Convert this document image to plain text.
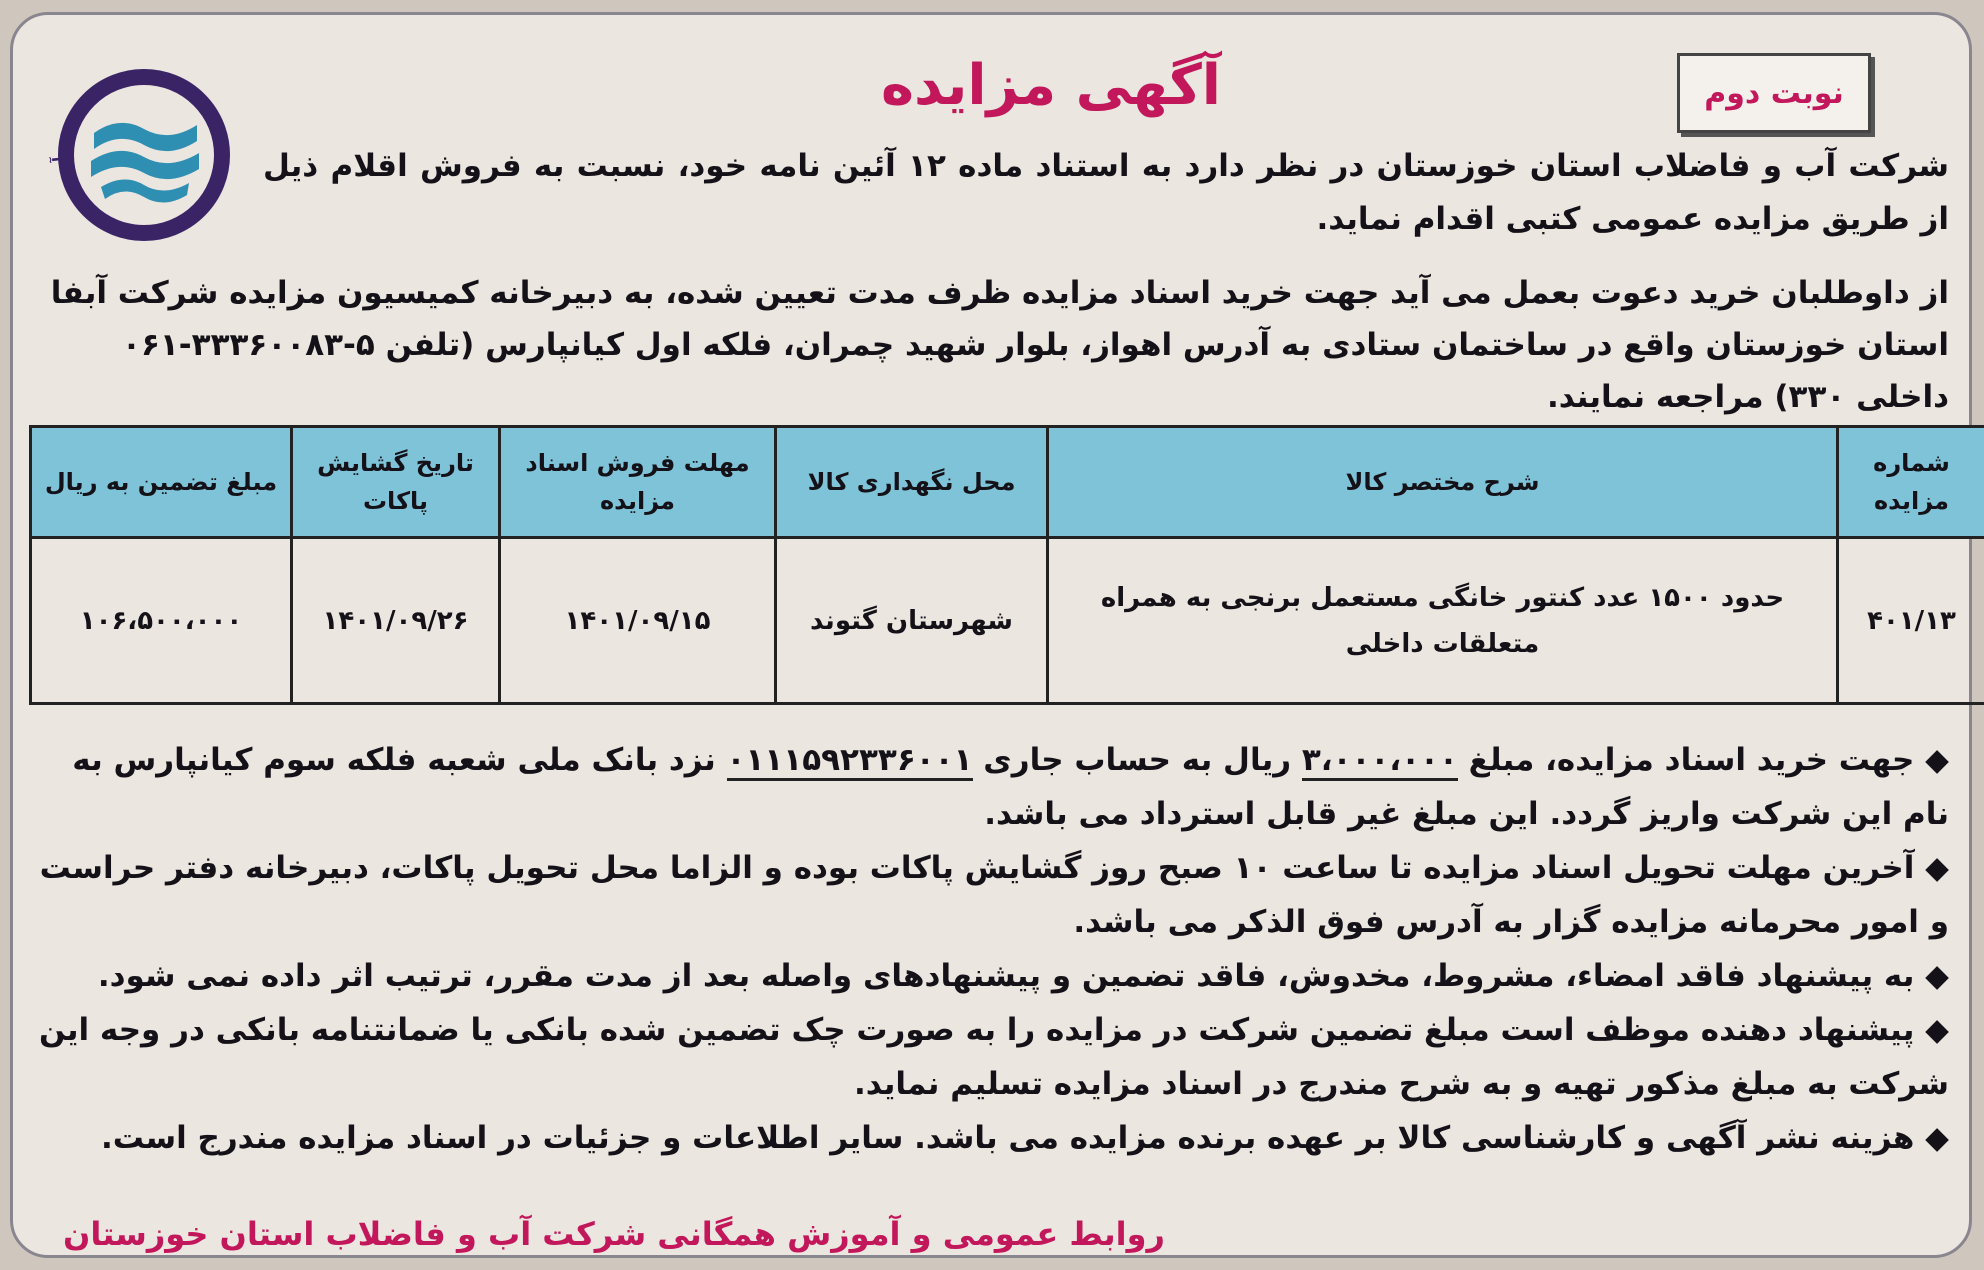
نوبت دوم
آگهی مزایده
آب	شرکت آب و فاضلاب استان خوزستان در نظر دارد به استناد ماده ۱۲ آئین نامه خود، نسبت به فروش اقلام ذیل از طریق مزایده عمومی کتبی اقدام نماید.

از داوطلبان خرید دعوت بعمل می آید جهت خرید اسناد مزایده ظرف مدت تعیین شده، به دبیرخانه کمیسیون مزایده شرکت آبفا استان خوزستان واقع در ساختمان ستادی به آدرس اهواز، بلوار شهید چمران، فلکه اول کیانپارس (تلفن ۵-۳۳۳۶۰۰۸۳-۰۶۱ داخلی ۳۳۰) مراجعه نمایند.

شماره مزایده	شرح مختصر کالا	محل نگهداری کالا	مهلت فروش اسناد مزایده	تاریخ گشایش پاکات	مبلغ تضمین به ریال
۴۰۱/۱۳	حدود ۱۵۰۰ عدد کنتور خانگی مستعمل برنجی به همراه متعلقات داخلی	شهرستان گتوند	۱۴۰۱/۰۹/۱۵	۱۴۰۱/۰۹/۲۶	۱۰۶،۵۰۰،۰۰۰

◆ جهت خرید اسناد مزایده، مبلغ ۳،۰۰۰،۰۰۰ ریال به حساب جاری ۰۱۱۱۵۹۲۳۳۶۰۰۱ نزد بانک ملی شعبه فلکه سوم کیانپارس به نام این شرکت واریز گردد. این مبلغ غیر قابل استرداد می باشد.

◆ آخرین مهلت تحویل اسناد مزایده تا ساعت ۱۰ صبح روز گشایش پاکات بوده و الزاما محل تحویل پاکات، دبیرخانه دفتر حراست و امور محرمانه مزایده گزار به آدرس فوق الذکر می باشد.

◆ به پیشنهاد فاقد امضاء، مشروط، مخدوش، فاقد تضمین و پیشنهادهای واصله بعد از مدت مقرر، ترتیب اثر داده نمی شود.

◆ پیشنهاد دهنده موظف است مبلغ تضمین شرکت در مزایده را به صورت چک تضمین شده بانکی یا ضمانتنامه بانکی در وجه این شرکت به مبلغ مذکور تهیه و به شرح مندرج در اسناد مزایده تسلیم نماید.

◆ هزینه نشر آگهی و کارشناسی کالا بر عهده برنده مزایده می باشد. سایر اطلاعات و جزئیات در اسناد مزایده مندرج است.

روابط عمومی و آموزش همگانی شرکت آب و فاضلاب استان خوزستان
